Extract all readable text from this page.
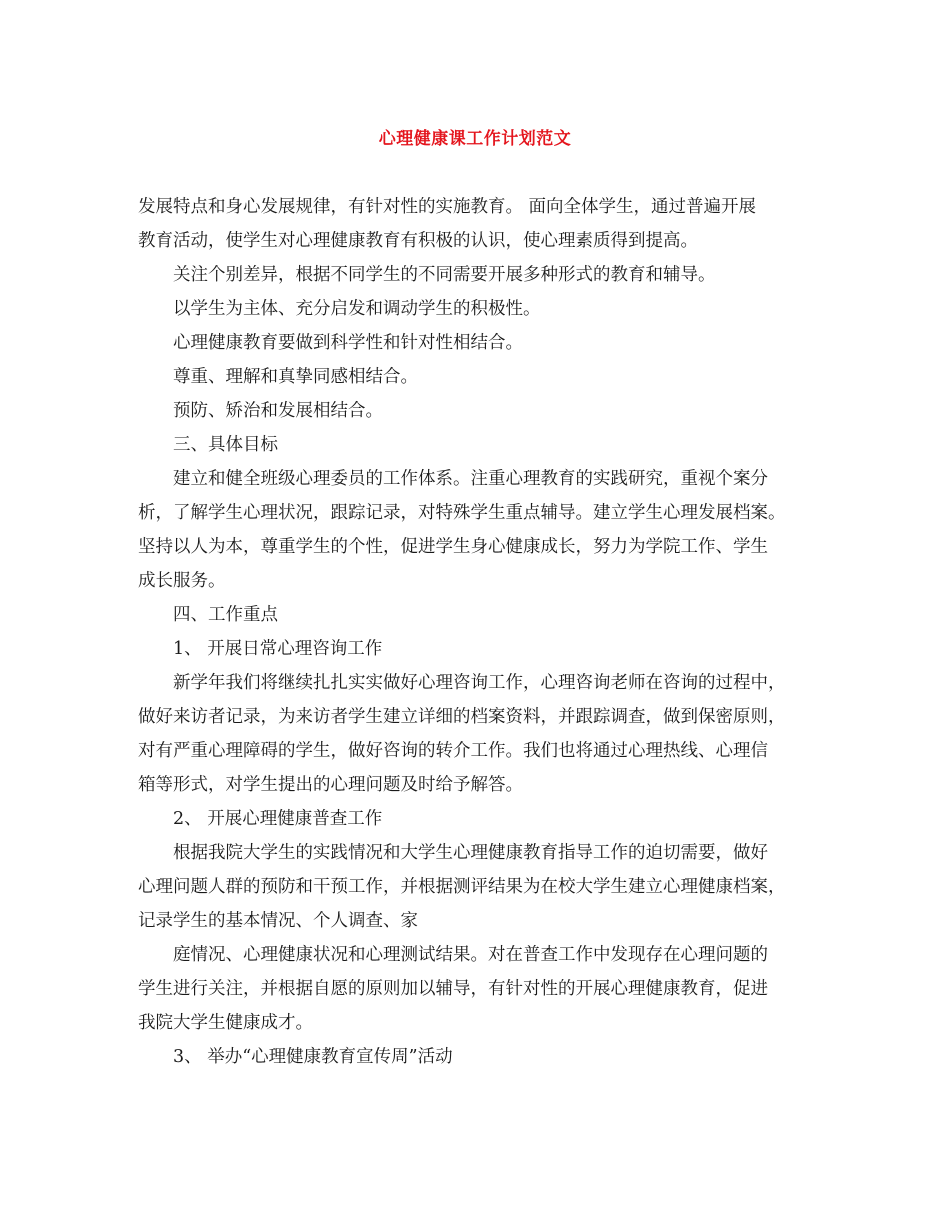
心理健康课工作计划范文
发展特点和身心发展规律，有针对性的实施教育。 面向全体学生，通过普遍开展
教育活动，使学生对心理健康教育有积极的认识，使心理素质得到提高。
关注个别差异，根据不同学生的不同需要开展多种形式的教育和辅导。
以学生为主体、充分启发和调动学生的积极性。
心理健康教育要做到科学性和针对性相结合。
尊重、理解和真挚同感相结合。
预防、矫治和发展相结合。
三、具体目标
建立和健全班级心理委员的工作体系。注重心理教育的实践研究，重视个案分
析，了解学生心理状况，跟踪记录，对特殊学生重点辅导。建立学生心理发展档案。
坚持以人为本，尊重学生的个性，促进学生身心健康成长，努力为学院工作、学生
成长服务。
四、工作重点
1、 开展日常心理咨询工作
新学年我们将继续扎扎实实做好心理咨询工作，心理咨询老师在咨询的过程中，
做好来访者记录，为来访者学生建立详细的档案资料，并跟踪调查，做到保密原则，
对有严重心理障碍的学生，做好咨询的转介工作。我们也将通过心理热线、心理信
箱等形式，对学生提出的心理问题及时给予解答。
2、 开展心理健康普查工作
根据我院大学生的实践情况和大学生心理健康教育指导工作的迫切需要，做好
心理问题人群的预防和干预工作，并根据测评结果为在校大学生建立心理健康档案，
记录学生的基本情况、个人调查、家
庭情况、心理健康状况和心理测试结果。对在普查工作中发现存在心理问题的
学生进行关注，并根据自愿的原则加以辅导，有针对性的开展心理健康教育，促进
我院大学生健康成才。
3、 举办“心理健康教育宣传周”活动
